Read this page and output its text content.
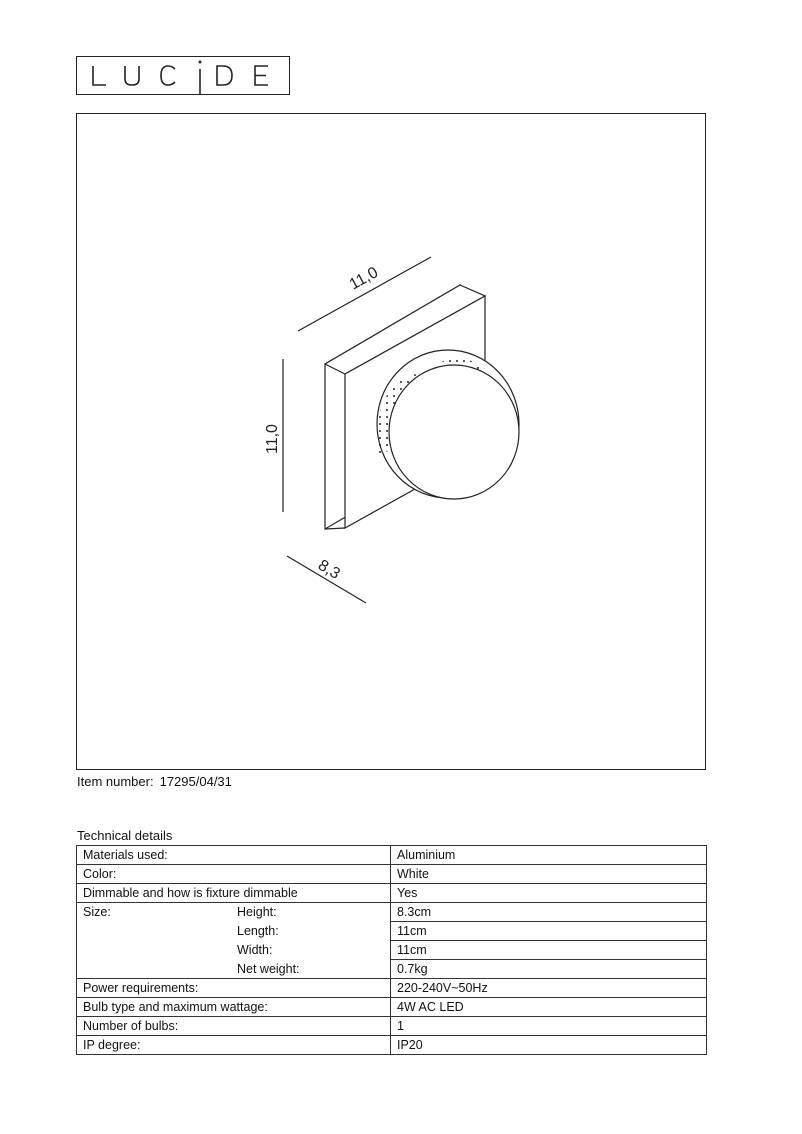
11,0
11,0
8,3
Item number: 17295/04/31
Technical details
Materials used:	Aluminium
Color:	White
Dimmable and how is fixture dimmable	Yes
Size: Height:	8.3cm

Length:	11cm

Width:	11cm

Net weight:	0.7kg
Power requirements:	220-240V~50Hz
Bulb type and maximum wattage:	4W AC LED
Number of bulbs:	1
IP degree:	IP20
